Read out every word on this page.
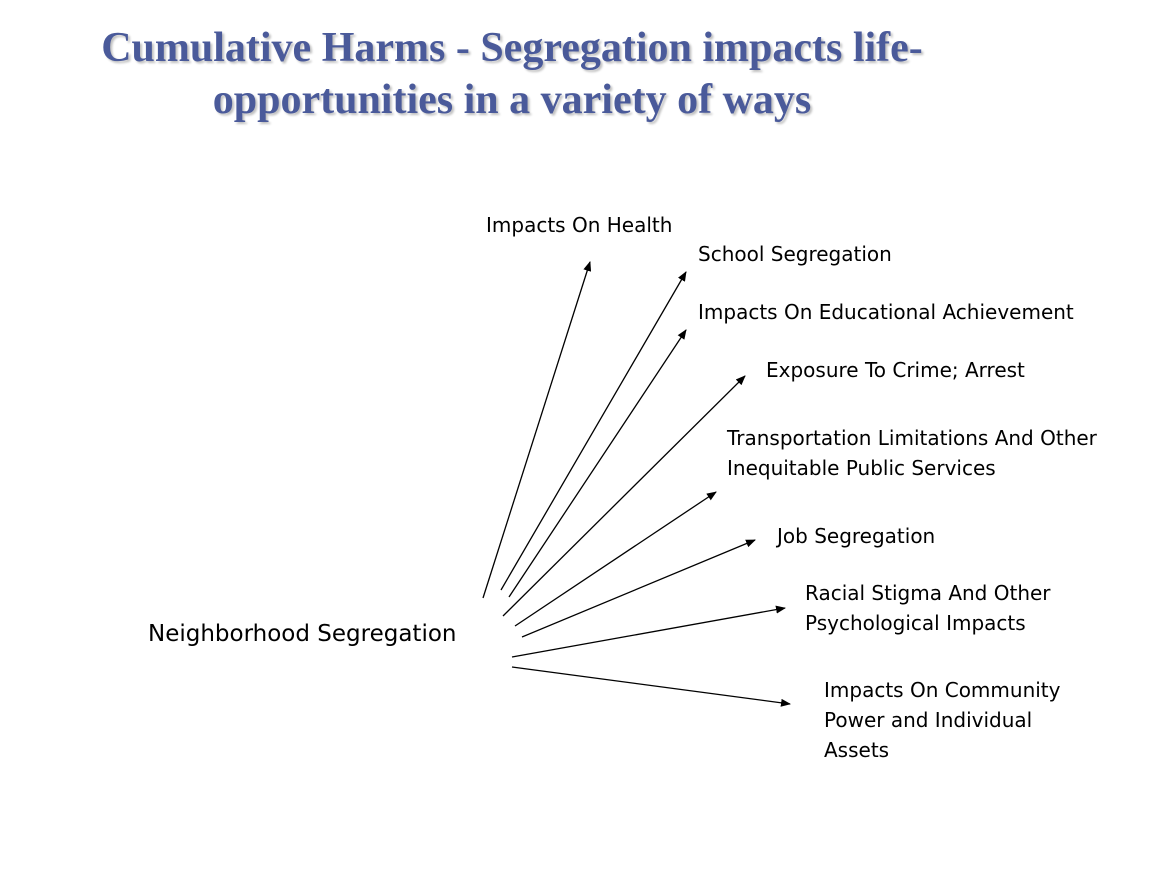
Cumulative Harms - Segregation impacts life-
opportunities in a variety of ways

Neighborhood Segregation

Impacts On Health

School Segregation

Impacts On Educational Achievement

Exposure To Crime; Arrest

Transportation Limitations And Other
Inequitable Public Services

Job Segregation

Racial Stigma And Other
Psychological Impacts

Impacts On Community
Power and Individual
Assets
